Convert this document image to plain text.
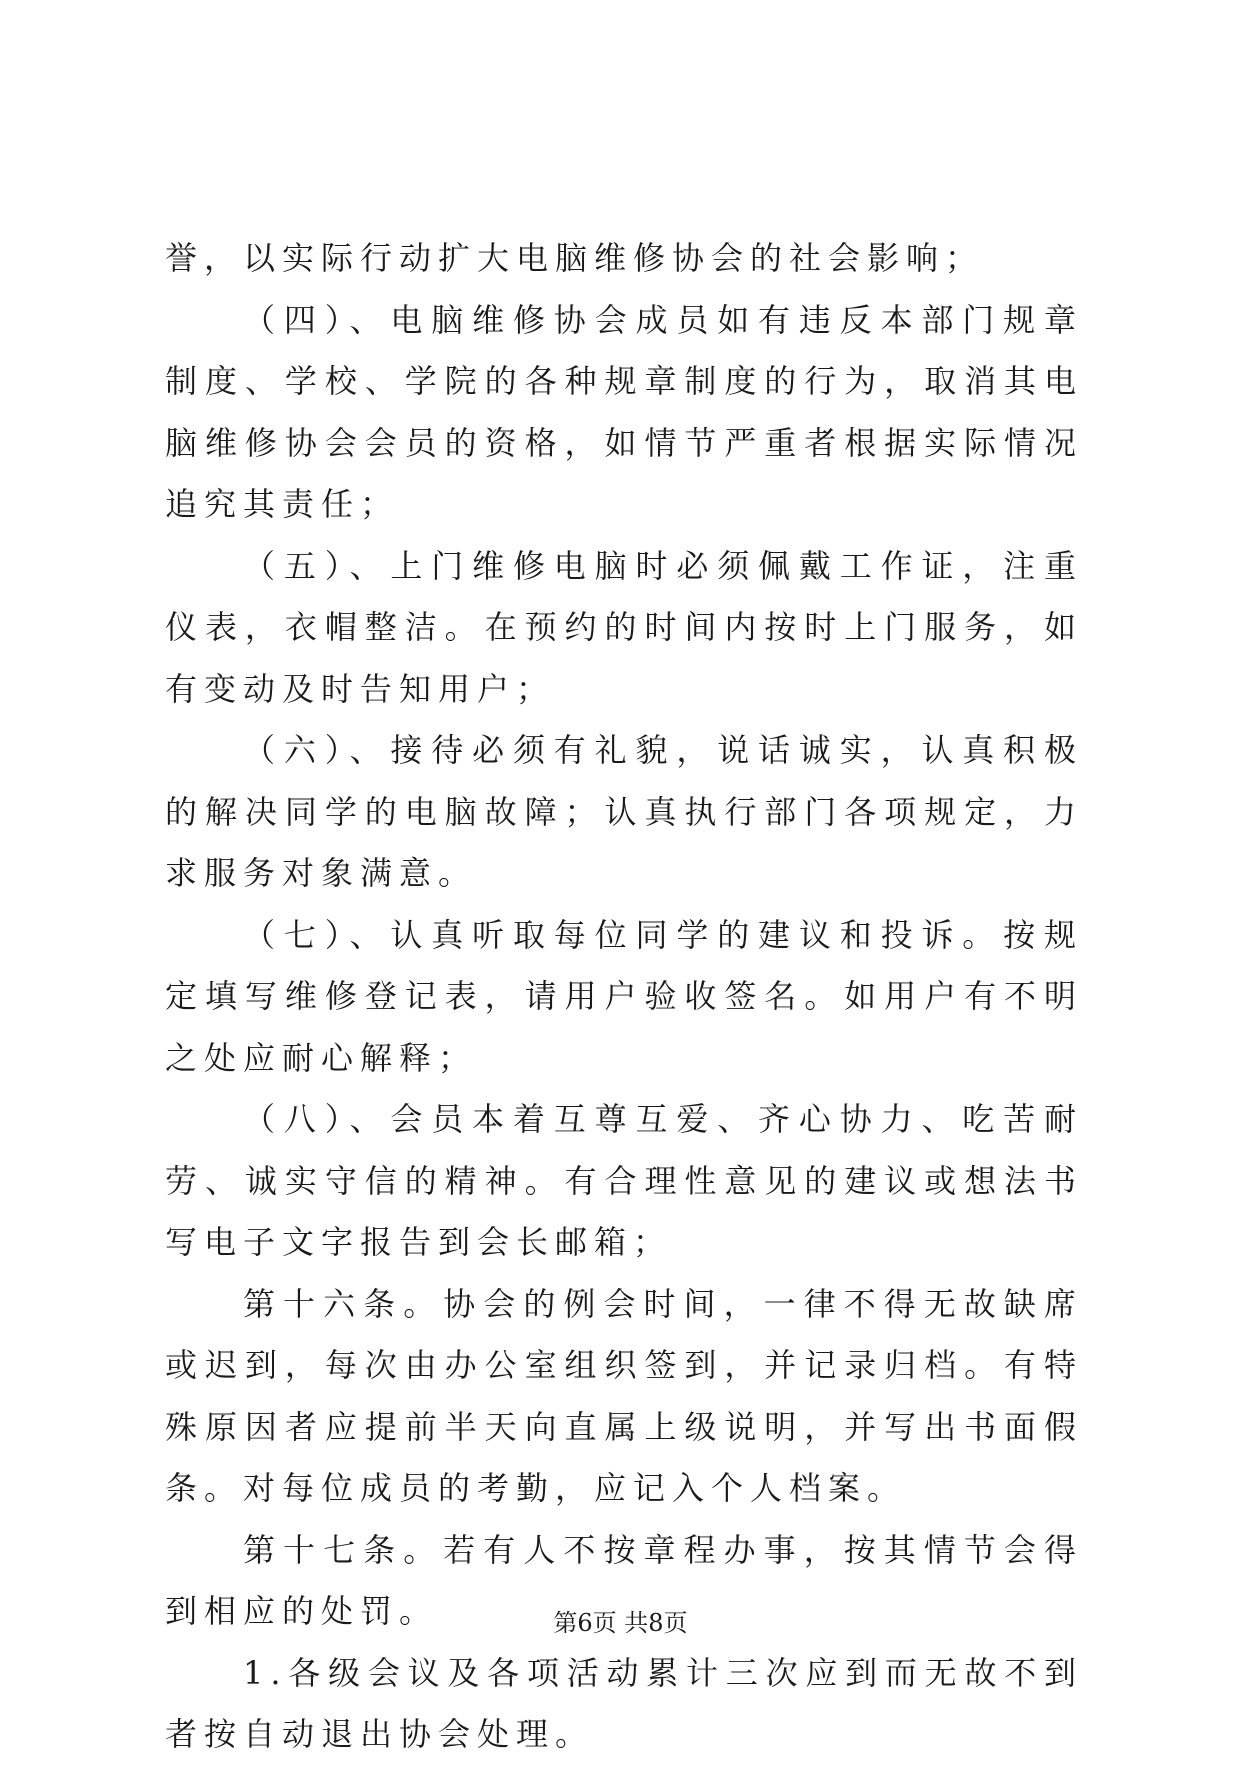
誉，以实际行动扩大电脑维修协会的社会影响；

（四）、电脑维修协会成员如有违反本部门规章制度、学校、学院的各种规章制度的行为，取消其电脑维修协会会员的资格，如情节严重者根据实际情况追究其责任；

（五）、上门维修电脑时必须佩戴工作证，注重仪表，衣帽整洁。在预约的时间内按时上门服务，如有变动及时告知用户；

（六）、接待必须有礼貌，说话诚实，认真积极的解决同学的电脑故障；认真执行部门各项规定，力求服务对象满意。

（七）、认真听取每位同学的建议和投诉。按规定填写维修登记表，请用户验收签名。如用户有不明之处应耐心解释；

（八）、会员本着互尊互爱、齐心协力、吃苦耐劳、诚实守信的精神。有合理性意见的建议或想法书写电子文字报告到会长邮箱；

第十六条。协会的例会时间，一律不得无故缺席或迟到，每次由办公室组织签到，并记录归档。有特殊原因者应提前半天向直属上级说明，并写出书面假条。对每位成员的考勤，应记入个人档案。

第十七条。若有人不按章程办事，按其情节会得到相应的处罚。

1.各级会议及各项活动累计三次应到而无故不到者按自动退出协会处理。

第6页 共8页
